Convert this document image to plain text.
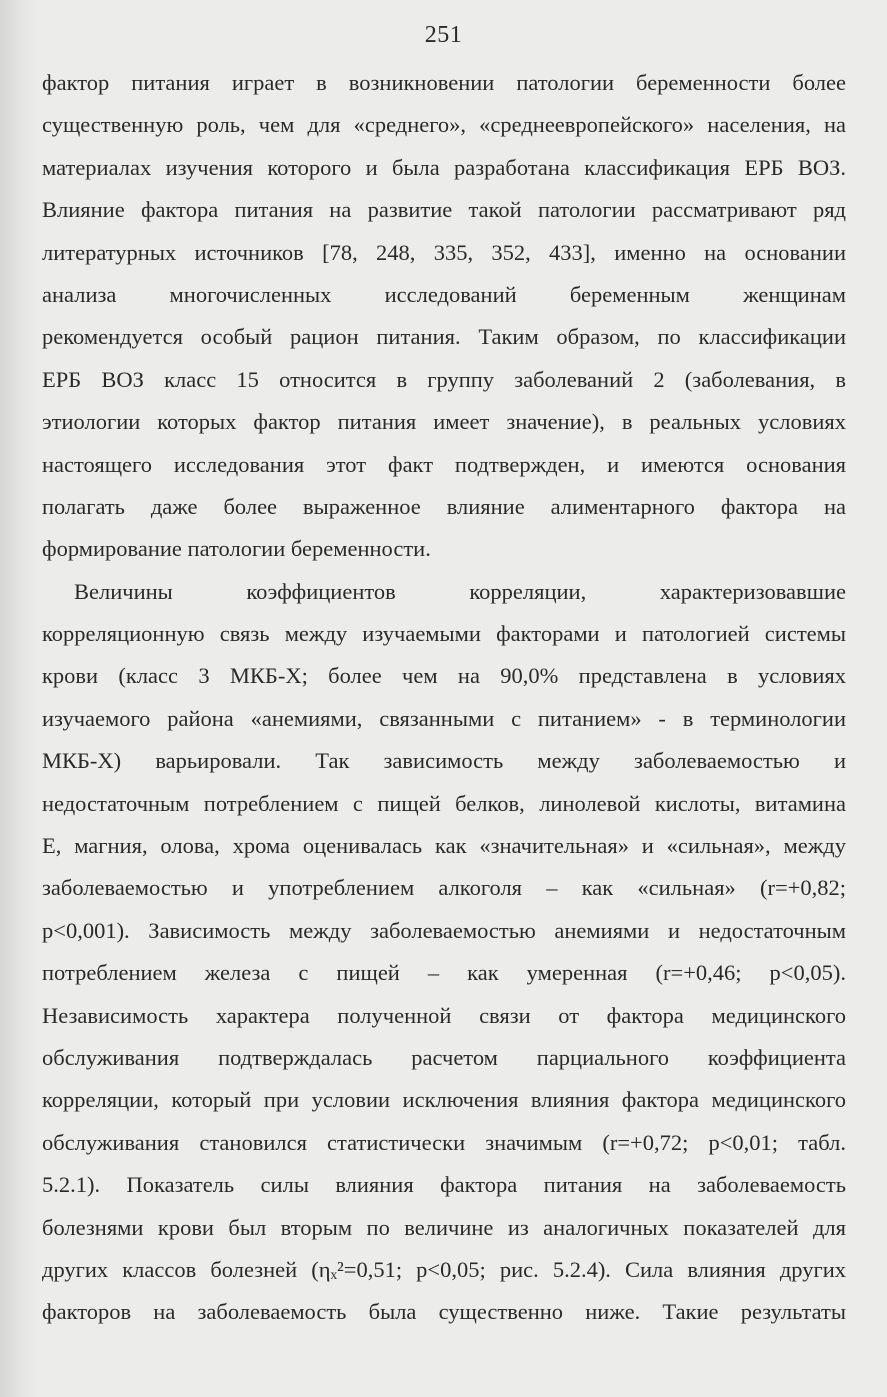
251
фактор питания играет в возникновении патологии беременности более
существенную роль, чем для «среднего», «среднеевропейского» населения, на
материалах изучения которого и была разработана классификация ЕРБ ВОЗ.
Влияние фактора питания на развитие такой патологии рассматривают ряд
литературных источников [78, 248, 335, 352, 433], именно на основании
анализа многочисленных исследований беременным женщинам
рекомендуется особый рацион питания. Таким образом, по классификации
ЕРБ ВОЗ класс 15 относится в группу заболеваний 2 (заболевания, в
этиологии которых фактор питания имеет значение), в реальных условиях
настоящего исследования этот факт подтвержден, и имеются основания
полагать даже более выраженное влияние алиментарного фактора на
формирование патологии беременности.
Величины коэффициентов корреляции, характеризовавшие
корреляционную связь между изучаемыми факторами и патологией системы
крови (класс 3 МКБ-Х; более чем на 90,0% представлена в условиях
изучаемого района «анемиями, связанными с питанием» - в терминологии
МКБ-Х) варьировали. Так зависимость между заболеваемостью и
недостаточным потреблением с пищей белков, линолевой кислоты, витамина
Е, магния, олова, хрома оценивалась как «значительная» и «сильная», между
заболеваемостью и употреблением алкоголя – как «сильная» (r=+0,82;
p<0,001). Зависимость между заболеваемостью анемиями и недостаточным
потреблением железа с пищей – как умеренная (r=+0,46; p<0,05).
Независимость характера полученной связи от фактора медицинского
обслуживания подтверждалась расчетом парциального коэффициента
корреляции, который при условии исключения влияния фактора медицинского
обслуживания становился статистически значимым (r=+0,72; p<0,01; табл.
5.2.1). Показатель силы влияния фактора питания на заболеваемость
болезнями крови был вторым по величине из аналогичных показателей для
других классов болезней (ηₓ²=0,51; p<0,05; рис. 5.2.4). Сила влияния других
факторов на заболеваемость была существенно ниже. Такие результаты
